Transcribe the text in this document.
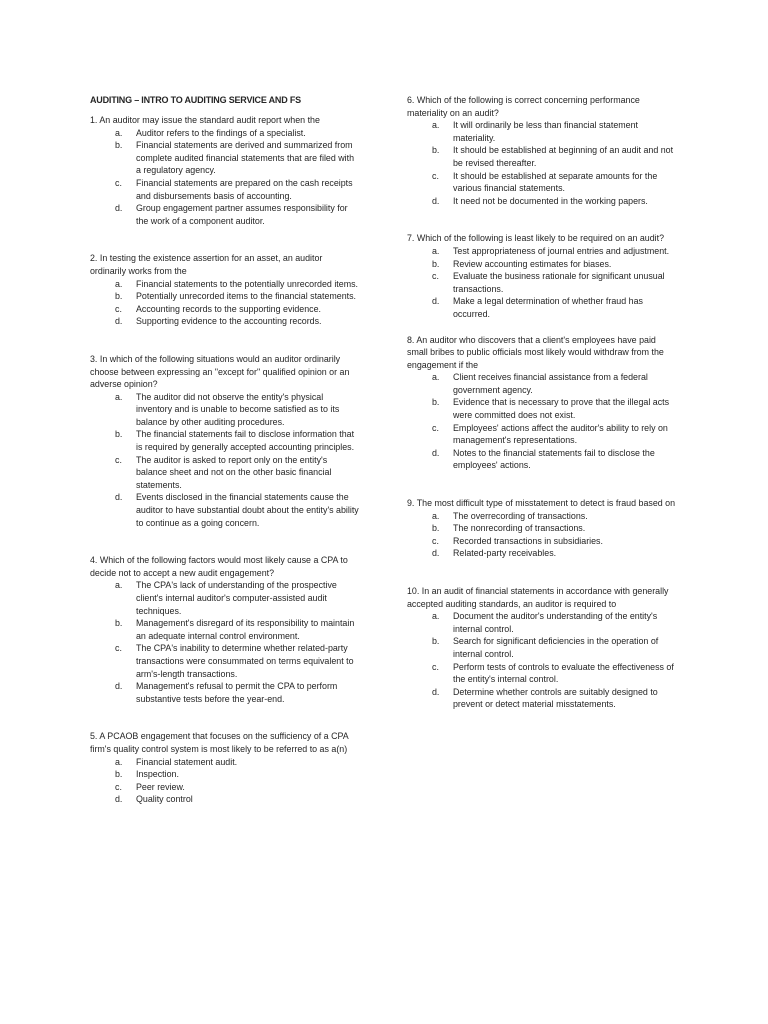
AUDITING – INTRO TO AUDITING SERVICE AND FS
1. An auditor may issue the standard audit report when the
a.	Auditor refers to the findings of a specialist.
b.	Financial statements are derived and summarized from complete audited financial statements that are filed with a regulatory agency.
c.	Financial statements are prepared on the cash receipts and disbursements basis of accounting.
d.	Group engagement partner assumes responsibility for the work of a component auditor.
2. In testing the existence assertion for an asset, an auditor ordinarily works from the
a.	Financial statements to the potentially unrecorded items.
b.	Potentially unrecorded items to the financial statements.
c.	Accounting records to the supporting evidence.
d.	Supporting evidence to the accounting records.
3. In which of the following situations would an auditor ordinarily choose between expressing an "except for" qualified opinion or an adverse opinion?
a.	The auditor did not observe the entity's physical inventory and is unable to become satisfied as to its balance by other auditing procedures.
b.	The financial statements fail to disclose information that is required by generally accepted accounting principles.
c.	The auditor is asked to report only on the entity's balance sheet and not on the other basic financial statements.
d.	Events disclosed in the financial statements cause the auditor to have substantial doubt about the entity's ability to continue as a going concern.
4. Which of the following factors would most likely cause a CPA to decide not to accept a new audit engagement?
a.	The CPA's lack of understanding of the prospective client's internal auditor's computer-assisted audit techniques.
b.	Management's disregard of its responsibility to maintain an adequate internal control environment.
c.	The CPA's inability to determine whether related-party transactions were consummated on terms equivalent to arm's-length transactions.
d.	Management's refusal to permit the CPA to perform substantive tests before the year-end.
5. A PCAOB engagement that focuses on the sufficiency of a CPA firm's quality control system is most likely to be referred to as a(n)
a.	Financial statement audit.
b.	Inspection.
c.	Peer review.
d.	Quality control
6. Which of the following is correct concerning performance materiality on an audit?
a.	It will ordinarily be less than financial statement materiality.
b.	It should be established at beginning of an audit and not be revised thereafter.
c.	It should be established at separate amounts for the various financial statements.
d.	It need not be documented in the working papers.
7. Which of the following is least likely to be required on an audit?
a.	Test appropriateness of journal entries and adjustment.
b.	Review accounting estimates for biases.
c.	Evaluate the business rationale for significant unusual transactions.
d.	Make a legal determination of whether fraud has occurred.
8. An auditor who discovers that a client's employees have paid small bribes to public officials most likely would withdraw from the engagement if the
a.	Client receives financial assistance from a federal government agency.
b.	Evidence that is necessary to prove that the illegal acts were committed does not exist.
c.	Employees' actions affect the auditor's ability to rely on management's representations.
d.	Notes to the financial statements fail to disclose the employees' actions.
9. The most difficult type of misstatement to detect is fraud based on
a.	The overrecording of transactions.
b.	The nonrecording of transactions.
c.	Recorded transactions in subsidiaries.
d.	Related-party receivables.
10. In an audit of financial statements in accordance with generally accepted auditing standards, an auditor is required to
a.	Document the auditor's understanding of the entity's internal control.
b.	Search for significant deficiencies in the operation of internal control.
c.	Perform tests of controls to evaluate the effectiveness of the entity's internal control.
d.	Determine whether controls are suitably designed to prevent or detect material misstatements.
